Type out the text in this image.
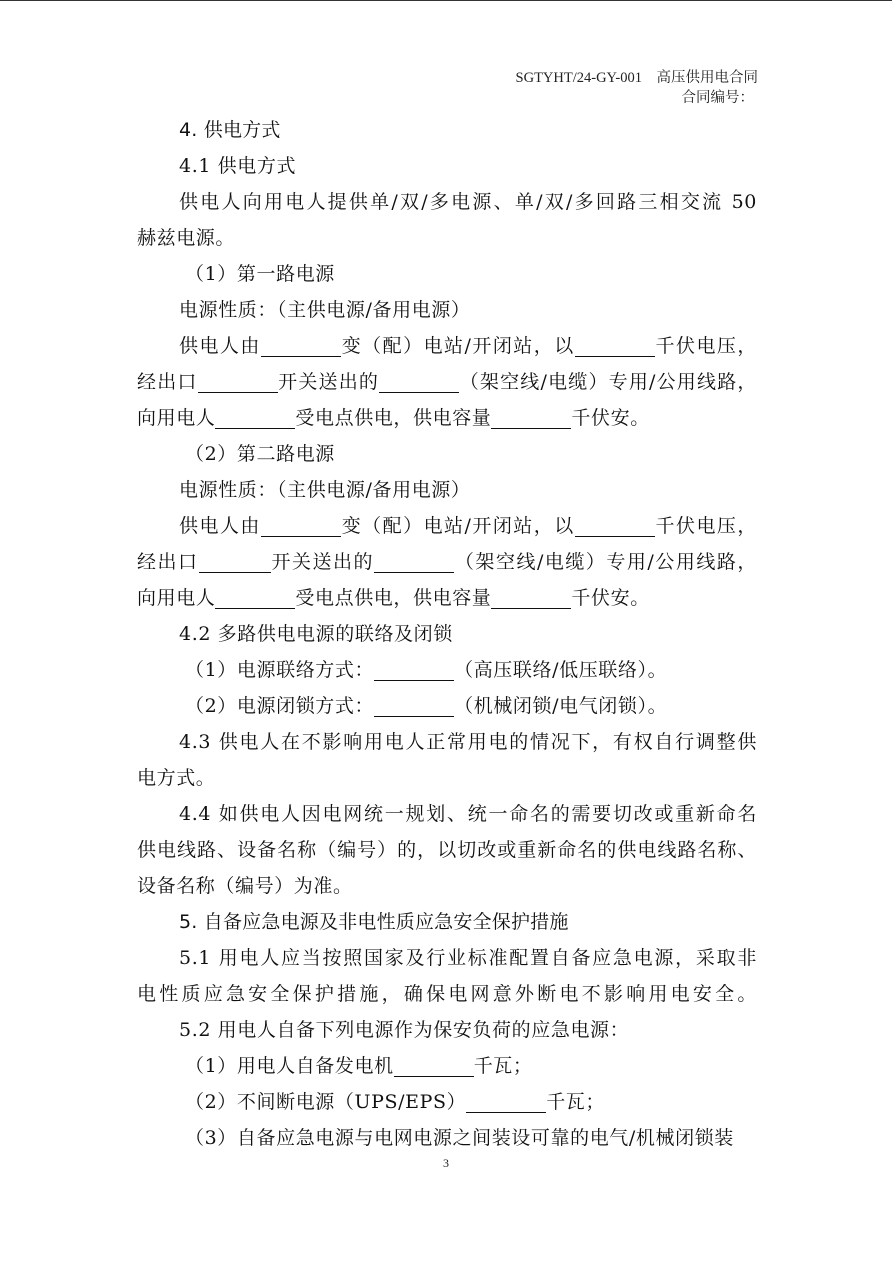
SGTYHT/24-GY-001　高压供用电合同
合同编号：
4. 供电方式
4.1 供电方式
供电人向用电人提供单/双/多电源、单/双/多回路三相交流 50
赫兹电源。
（1）第一路电源
电源性质：（主供电源/备用电源）
供电人由	变（配）电站/开闭站，以	千伏电压，
经出口	开关送出的	（架空线/电缆）专用/公用线路，
向用电人	受电点供电，供电容量	千伏安。
（2）第二路电源
电源性质：（主供电源/备用电源）
供电人由	变（配）电站/开闭站，以	千伏电压，
经出口	开关送出的	（架空线/电缆）专用/公用线路，
向用电人	受电点供电，供电容量	千伏安。
4.2 多路供电电源的联络及闭锁
（1）电源联络方式：	（高压联络/低压联络）。
（2）电源闭锁方式：	（机械闭锁/电气闭锁）。
4.3 供电人在不影响用电人正常用电的情况下，有权自行调整供
电方式。
4.4 如供电人因电网统一规划、统一命名的需要切改或重新命名
供电线路、设备名称（编号）的，以切改或重新命名的供电线路名称、
设备名称（编号）为准。
5. 自备应急电源及非电性质应急安全保护措施
5.1 用电人应当按照国家及行业标准配置自备应急电源，采取非
电性质应急安全保护措施，确保电网意外断电不影响用电安全。
5.2 用电人自备下列电源作为保安负荷的应急电源：
（1）用电人自备发电机	千瓦；
（2）不间断电源（UPS/EPS）	千瓦；
（3）自备应急电源与电网电源之间装设可靠的电气/机械闭锁装
3
